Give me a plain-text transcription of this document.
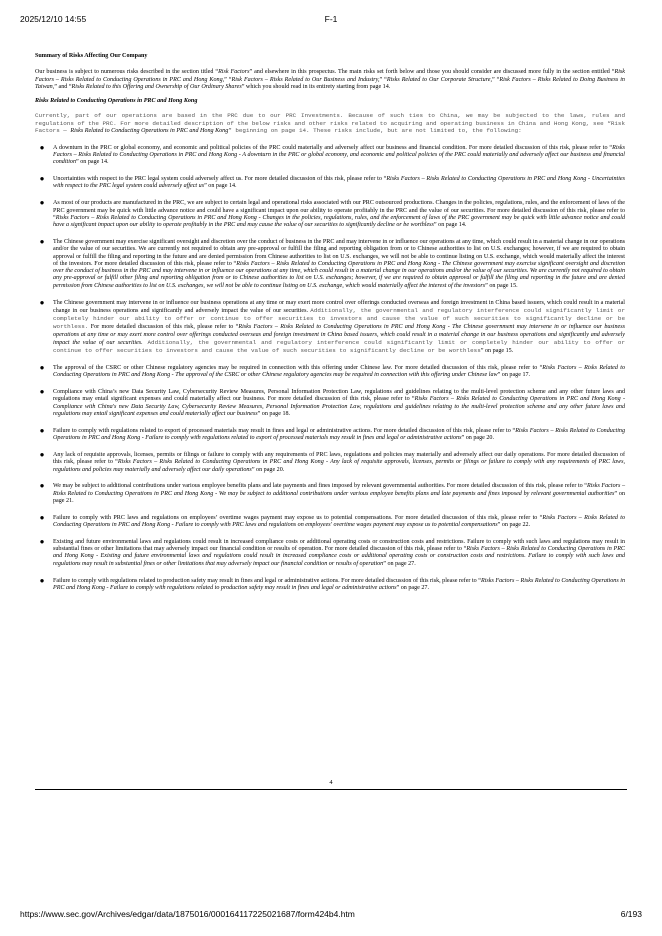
2025/12/10 14:55	F-1
Summary of Risks Affecting Our Company

Our business is subject to numerous risks described in the section titled “Risk Factors” and elsewhere in this prospectus. The main risks set forth below and those you should consider are discussed more fully in the section entitled “Risk Factors – Risks Related to Conducting Operations in PRC and Hong Kong,” “Risk Factors – Risks Related to Our Business and Industry,” “Risks Related to Our Corporate Structure,” “Risk Factors – Risks Related to Doing Business in Taiwan,” and “Risks Related to this Offering and Ownership of Our Ordinary Shares” which you should read in its entirety starting from page 14.

Risks Related to Conducting Operations in PRC and Hong Kong

Currently, part of our operations are based in the PRC due to our PRC Investments. Because of such ties to China, we may be subjected to the laws, rules and regulations of the PRC. For more detailed description of the below risks and other risks related to acquiring and operating business in China and Hong Kong, see “Risk Factors — Risks Related to Conducting Operations in PRC and Hong Kong” beginning on page 14. These risks include, but are not limited to, the following:

●	A downturn in the PRC or global economy, and economic and political policies of the PRC could materially and adversely affect our business and financial condition. For more detailed discussion of this risk, please refer to “Risks Factors – Risks Related to Conducting Operations in PRC and Hong Kong - A downturn in the PRC or global economy, and economic and political policies of the PRC could materially and adversely affect our business and financial condition” on page 14.
●	Uncertainties with respect to the PRC legal system could adversely affect us. For more detailed discussion of this risk, please refer to “Risks Factors – Risks Related to Conducting Operations in PRC and Hong Kong - Uncertainties with respect to the PRC legal system could adversely affect us” on page 14.
●	As most of our products are manufactured in the PRC, we are subject to certain legal and operational risks associated with our PRC outsourced productions. Changes in the policies, regulations, rules, and the enforcement of laws of the PRC government may be quick with little advance notice and could have a significant impact upon our ability to operate profitably in the PRC and the value of our securities. For more detailed discussion of this risk, please refer to “Risks Factors – Risks Related to Conducting Operations in PRC and Hong Kong - Changes in the policies, regulations, rules, and the enforcement of laws of the PRC government may be quick with little advance notice and could have a significant impact upon our ability to operate profitably in the PRC and may cause the value of our securities to significantly decline or be worthless” on page 14.
●	The Chinese government may exercise significant oversight and discretion over the conduct of business in the PRC and may intervene in or influence our operations at any time, which could result in a material change in our operations and/or the value of our securities. We are currently not required to obtain any pre-approval or fulfill the filing and reporting obligation from or to Chinese authorities to list on U.S. exchanges; however, if we are required to obtain approval or fulfill the filing and reporting in the future and are denied permission from Chinese authorities to list on U.S. exchanges, we will not be able to continue listing on U.S. exchange, which would materially affect the interest of the investors. For more detailed discussion of this risk, please refer to “Risks Factors – Risks Related to Conducting Operations in PRC and Hong Kong - The Chinese government may exercise significant oversight and discretion over the conduct of business in the PRC and may intervene in or influence our operations at any time, which could result in a material change in our operations and/or the value of our securities. We are currently not required to obtain any pre-approval or fulfill other filing and reporting obligation from or to Chinese authorities to list on U.S. exchanges; however, if we are required to obtain approval or fulfill the filing and reporting in the future and are denied permission from Chinese authorities to list on U.S. exchanges, we will not be able to continue listing on U.S. exchange, which would materially affect the interest of the investors” on page 15.
●	The Chinese government may intervene in or influence our business operations at any time or may exert more control over offerings conducted overseas and foreign investment in China based issuers, which could result in a material change in our business operations and significantly and adversely impact the value of our securities. Additionally, the governmental and regulatory interference could significantly limit or completely hinder our ability to offer or continue to offer securities to investors and cause the value of such securities to significantly decline or be worthless. For more detailed discussion of this risk, please refer to “Risks Factors – Risks Related to Conducting Operations in PRC and Hong Kong - The Chinese government may intervene in or influence our business operations at any time or may exert more control over offerings conducted overseas and foreign investment in China based issuers, which could result in a material change in our business operations and significantly and adversely impact the value of our securities. Additionally, the governmental and regulatory interference could significantly limit or completely hinder our ability to offer or continue to offer securities to investors and cause the value of such securities to significantly decline or be worthless” on page 15.
●	The approval of the CSRC or other Chinese regulatory agencies may be required in connection with this offering under Chinese law. For more detailed discussion of this risk, please refer to “Risks Factors – Risks Related to Conducting Operations in PRC and Hong Kong - The approval of the CSRC or other Chinese regulatory agencies may be required in connection with this offering under Chinese law” on page 17.
●	Compliance with China’s new Data Security Law, Cybersecurity Review Measures, Personal Information Protection Law, regulations and guidelines relating to the multi-level protection scheme and any other future laws and regulations may entail significant expenses and could materially affect our business. For more detailed discussion of this risk, please refer to “Risks Factors – Risks Related to Conducting Operations in PRC and Hong Kong - Compliance with China's new Data Security Law, Cybersecurity Review Measures, Personal Information Protection Law, regulations and guidelines relating to the multi-level protection scheme and any other future laws and regulations may entail significant expenses and could materially affect our business” on page 18.
●	Failure to comply with regulations related to export of processed materials may result in fines and legal or administrative actions. For more detailed discussion of this risk, please refer to “Risks Factors – Risks Related to Conducting Operations in PRC and Hong Kong - Failure to comply with regulations related to export of processed materials may result in fines and legal or administrative actions” on page 20.
●	Any lack of requisite approvals, licenses, permits or filings or failure to comply with any requirements of PRC laws, regulations and policies may materially and adversely affect our daily operations. For more detailed discussion of this risk, please refer to “Risks Factors – Risks Related to Conducting Operations in PRC and Hong Kong - Any lack of requisite approvals, licenses, permits or filings or failure to comply with any requirements of PRC laws, regulations and policies may materially and adversely affect our daily operations” on page 20.
●	We may be subject to additional contributions under various employee benefits plans and late payments and fines imposed by relevant governmental authorities. For more detailed discussion of this risk, please refer to “Risks Factors – Risks Related to Conducting Operations in PRC and Hong Kong - We may be subject to additional contributions under various employee benefits plans and late payments and fines imposed by relevant governmental authorities” on page 21.
●	Failure to comply with PRC laws and regulations on employees’ overtime wages payment may expose us to potential compensations. For more detailed discussion of this risk, please refer to “Risks Factors – Risks Related to Conducting Operations in PRC and Hong Kong - Failure to comply with PRC laws and regulations on employees' overtime wages payment may expose us to potential compensations” on page 22.
●	Existing and future environmental laws and regulations could result in increased compliance costs or additional operating costs or construction costs and restrictions. Failure to comply with such laws and regulations may result in substantial fines or other limitations that may adversely impact our financial condition or results of operation. For more detailed discussion of this risk, please refer to “Risks Factors – Risks Related to Conducting Operations in PRC and Hong Kong - Existing and future environmental laws and regulations could result in increased compliance costs or additional operating costs or construction costs and restrictions. Failure to comply with such laws and regulations may result in substantial fines or other limitations that may adversely impact our financial condition or results of operation” on page 27.
●	Failure to comply with regulations related to production safety may result in fines and legal or administrative actions. For more detailed discussion of this risk, please refer to “Risks Factors – Risks Related to Conducting Operations in PRC and Hong Kong - Failure to comply with regulations related to production safety may result in fines and legal or administrative actions” on page 27.
4
https://www.sec.gov/Archives/edgar/data/1875016/000164117225021687/form424b4.htm	6/193
